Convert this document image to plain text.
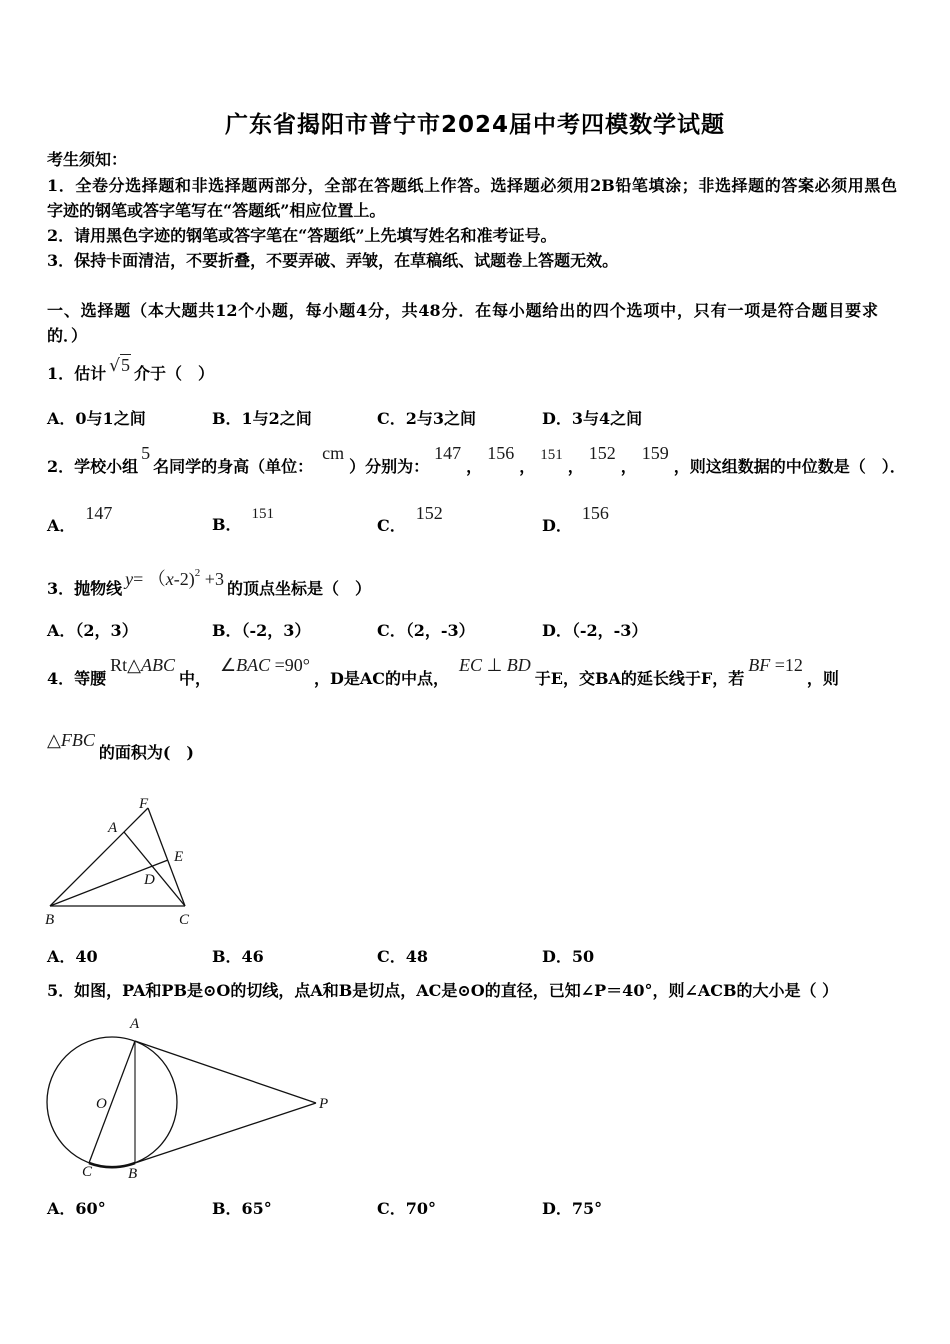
广东省揭阳市普宁市2024届中考四模数学试题
考生须知：
1．全卷分选择题和非选择题两部分，全部在答题纸上作答。选择题必须用2B铅笔填涂；非选择题的答案必须用黑色
字迹的钢笔或答字笔写在“答题纸”相应位置上。
2．请用黑色字迹的钢笔或答字笔在“答题纸”上先填写姓名和准考证号。
3．保持卡面清洁，不要折叠，不要弄破、弄皱，在草稿纸、试题卷上答题无效。
一、选择题（本大题共12个小题，每小题4分，共48分．在每小题给出的四个选项中，只有一项是符合题目要求
的．）
1．估计 √5 介于（　）
A．0与1之间	B．1与2之间	C．2与3之间	D．3与4之间
2．学校小组5名同学的身高（单位：cm）分别为：147，156，151，152，159，则这组数据的中位数是（　）．
A．147
B．151
C．152
D．156
3．抛物线 y= （x-2)$^2$ +3 的顶点坐标是（　）
A．（2，3）	B．（-2，3）	C．（2，-3）	D．（-2，-3）
4．等腰Rt△ABC中，∠BAC =90°，D是AC的中点，EC ⊥ BD于E，交BA的延长线于F，若BF =12，则
△FBC的面积为(　)
F
A
E
D
B	C
A．40	B．46	C．48	D．50
5．如图，PA和PB是⊙O的切线，点A和B是切点，AC是⊙O的直径，已知∠P＝40°，则∠ACB的大小是（ ）
A
O	P
C B
A．60°	B．65°	C．70°	D．75°
